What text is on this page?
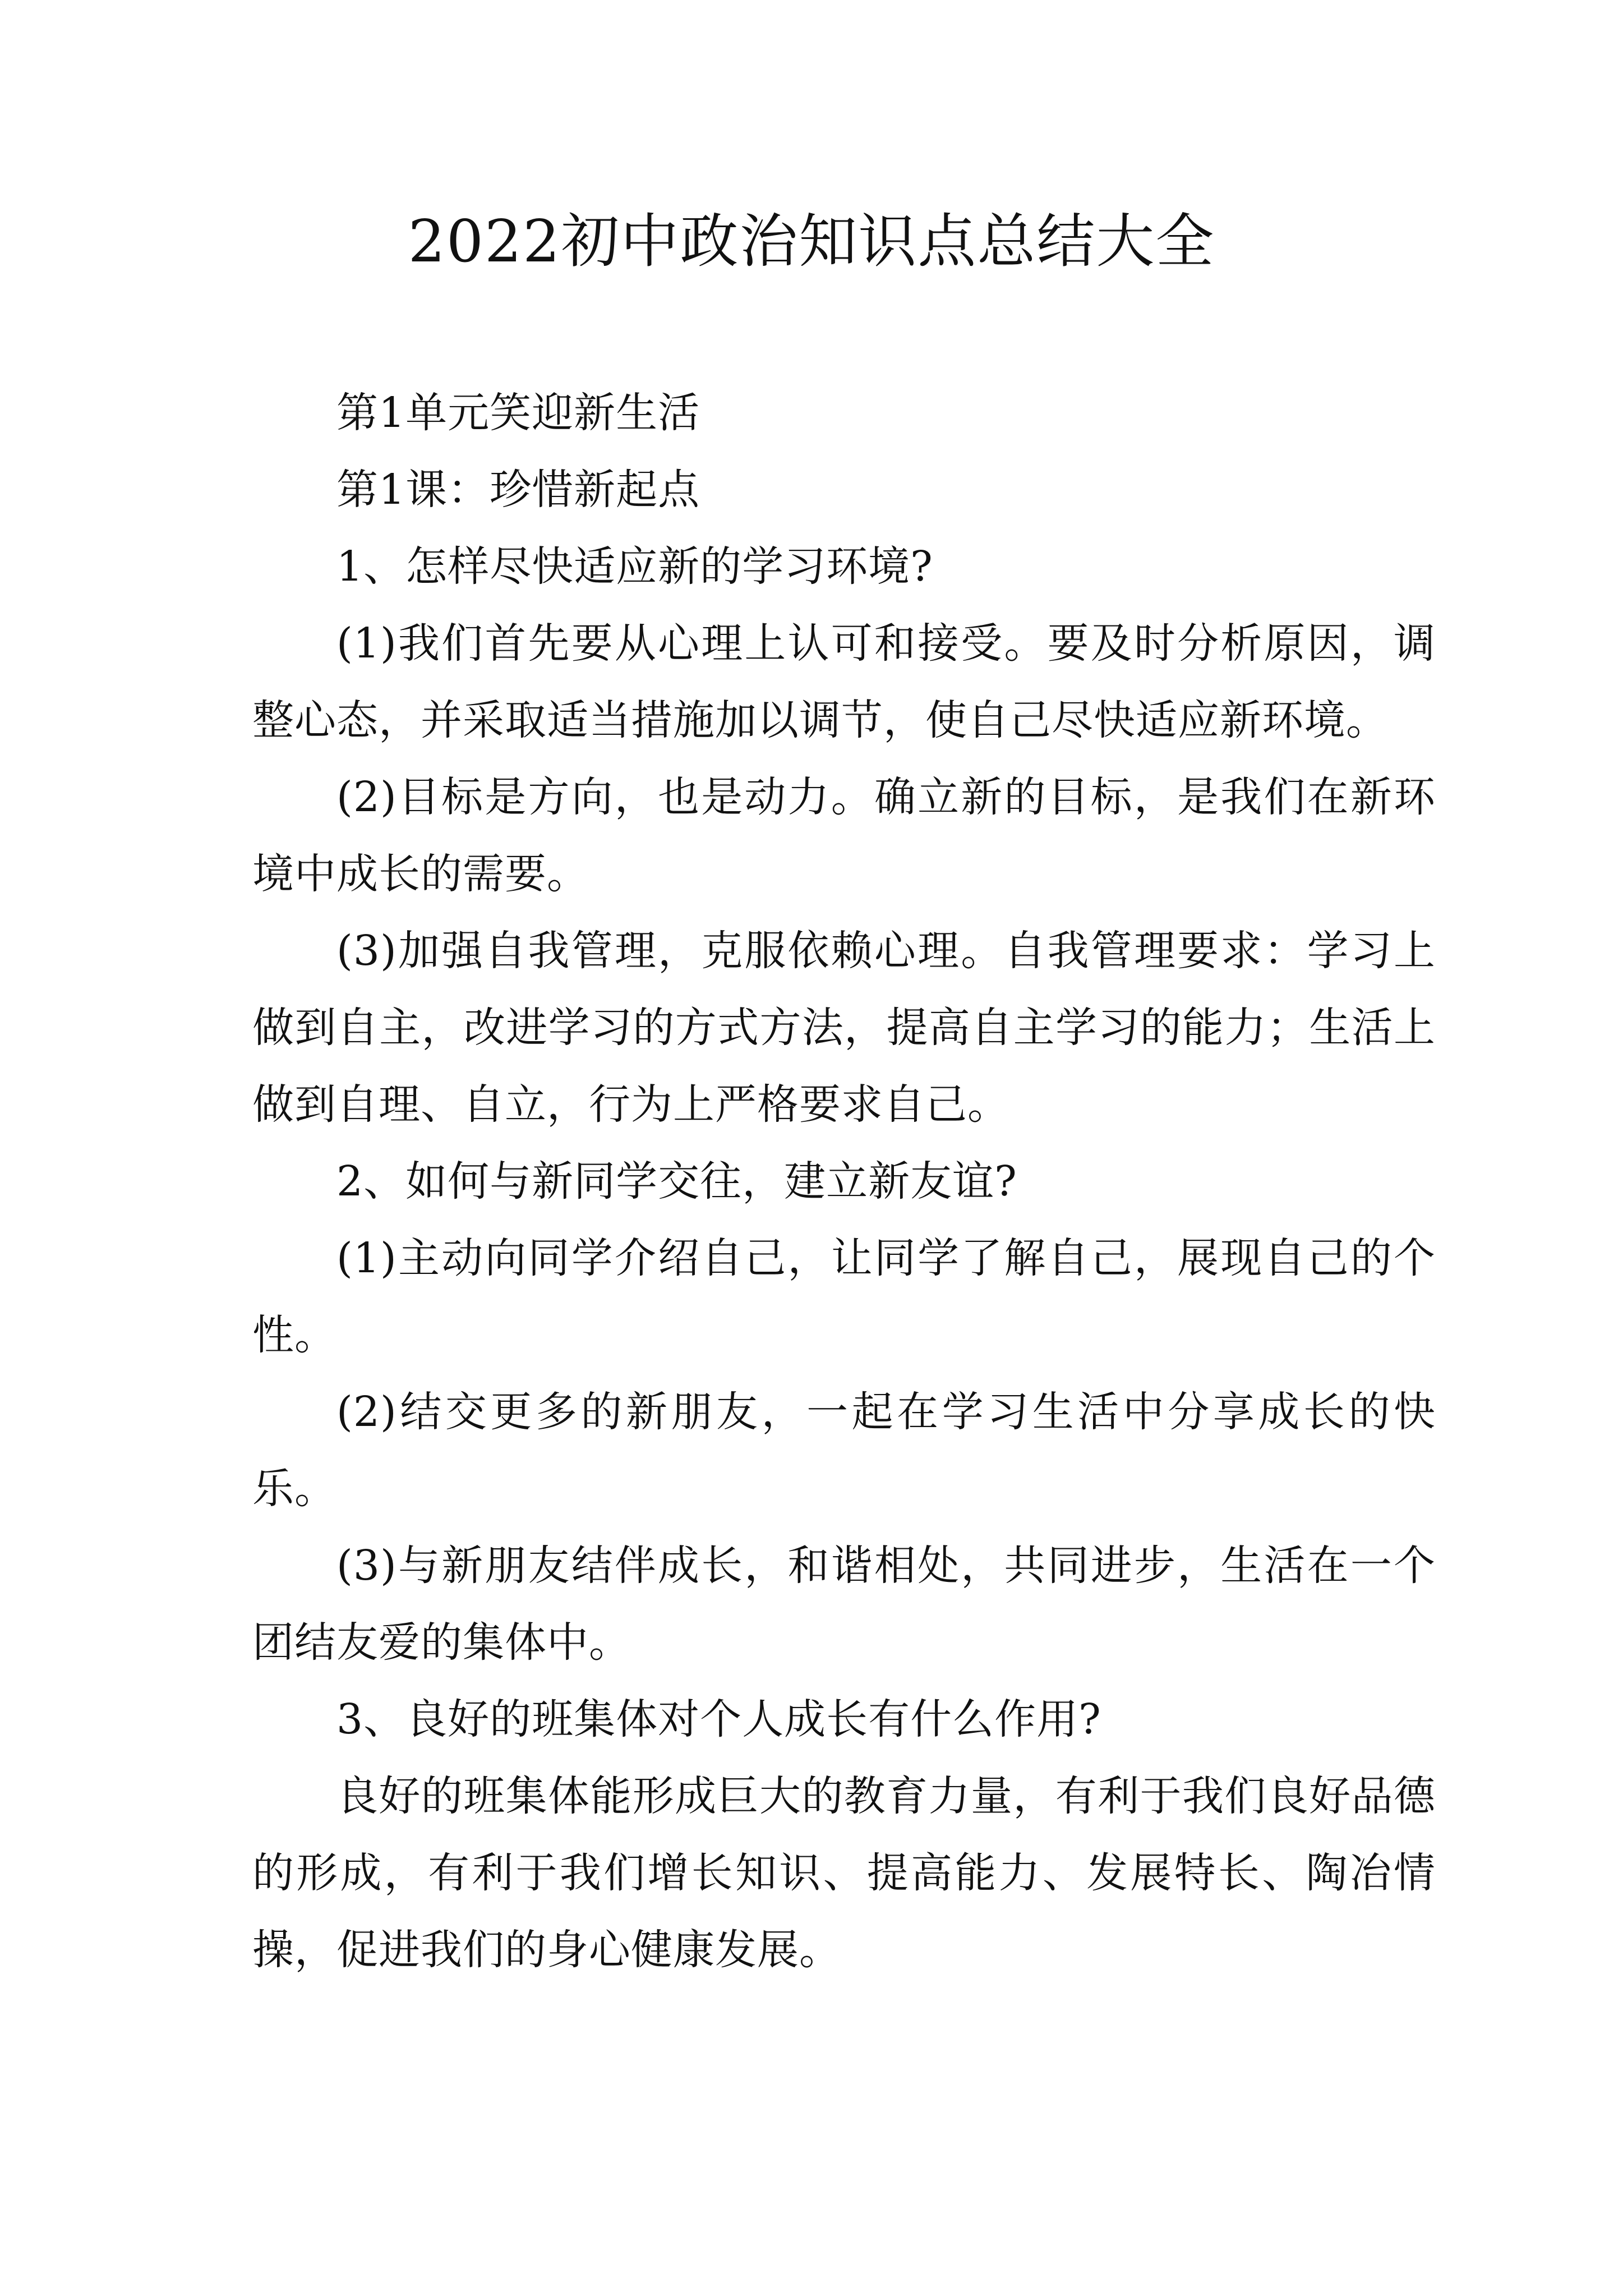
2022初中政治知识点总结大全

第1单元笑迎新生活

第1课：珍惜新起点

1、怎样尽快适应新的学习环境?

(1)我们首先要从心理上认可和接受。要及时分析原因，调整心态，并采取适当措施加以调节，使自己尽快适应新环境。

(2)目标是方向，也是动力。确立新的目标，是我们在新环境中成长的需要。

(3)加强自我管理，克服依赖心理。自我管理要求：学习上做到自主，改进学习的方式方法，提高自主学习的能力；生活上做到自理、自立，行为上严格要求自己。

2、如何与新同学交往，建立新友谊?

(1)主动向同学介绍自己，让同学了解自己，展现自己的个性。

(2)结交更多的新朋友，一起在学习生活中分享成长的快乐。

(3)与新朋友结伴成长，和谐相处，共同进步，生活在一个团结友爱的集体中。

3、良好的班集体对个人成长有什么作用?

良好的班集体能形成巨大的教育力量，有利于我们良好品德的形成，有利于我们增长知识、提高能力、发展特长、陶冶情操，促进我们的身心健康发展。
